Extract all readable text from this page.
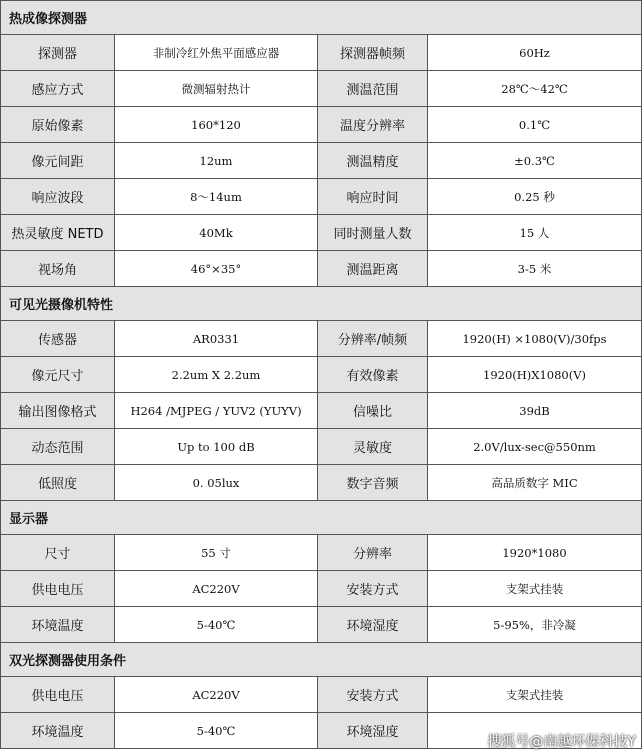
热成像探测器			
探测器	非制冷红外焦平面感应器	探测器帧频	60Hz
感应方式	微测辐射热计	测温范围	28℃～42℃
原始像素	160*120	温度分辨率	0.1℃
像元间距	12um	测温精度	±0.3℃
响应波段	8～14um	响应时间	0.25 秒
热灵敏度 NETD	40Mk	同时测量人数	15 人
视场角	46°×35°	测温距离	3-5 米
可见光摄像机特性			
传感器	AR0331	分辨率/帧频	1920(H) ×1080(V)/30fps
像元尺寸	2.2um X 2.2um	有效像素	1920(H)X1080(V)
输出图像格式	H264 /MJPEG / YUV2 (YUYV)	信噪比	39dB
动态范围	Up to 100 dB	灵敏度	2.0V/lux-sec@550nm
低照度	0. 05lux	数字音频	高品质数字 MIC
显示器			
尺寸	55 寸	分辨率	1920*1080
供电电压	AC220V	安装方式	支架式挂装
环境温度	5-40℃	环境湿度	5-95%，非冷凝
双光探测器使用条件			
供电电压	AC220V	安装方式	支架式挂装
环境温度	5-40℃	环境湿度	
搜狐号@南越环保科技Y
